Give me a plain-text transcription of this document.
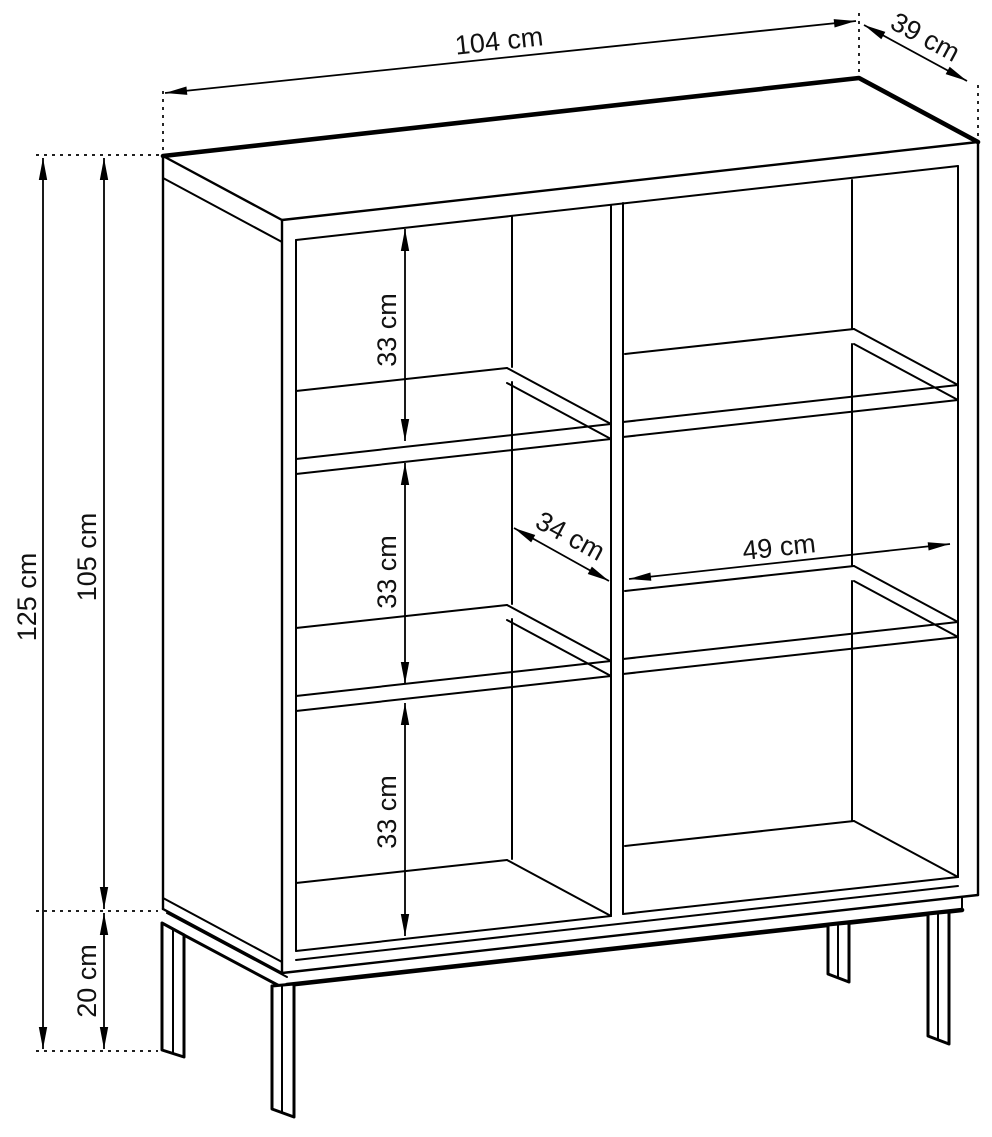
104 cm	39 cm
125 cm 105 cm
20 cm
33 cm
33 cm
33 cm
34 cm	49 cm
